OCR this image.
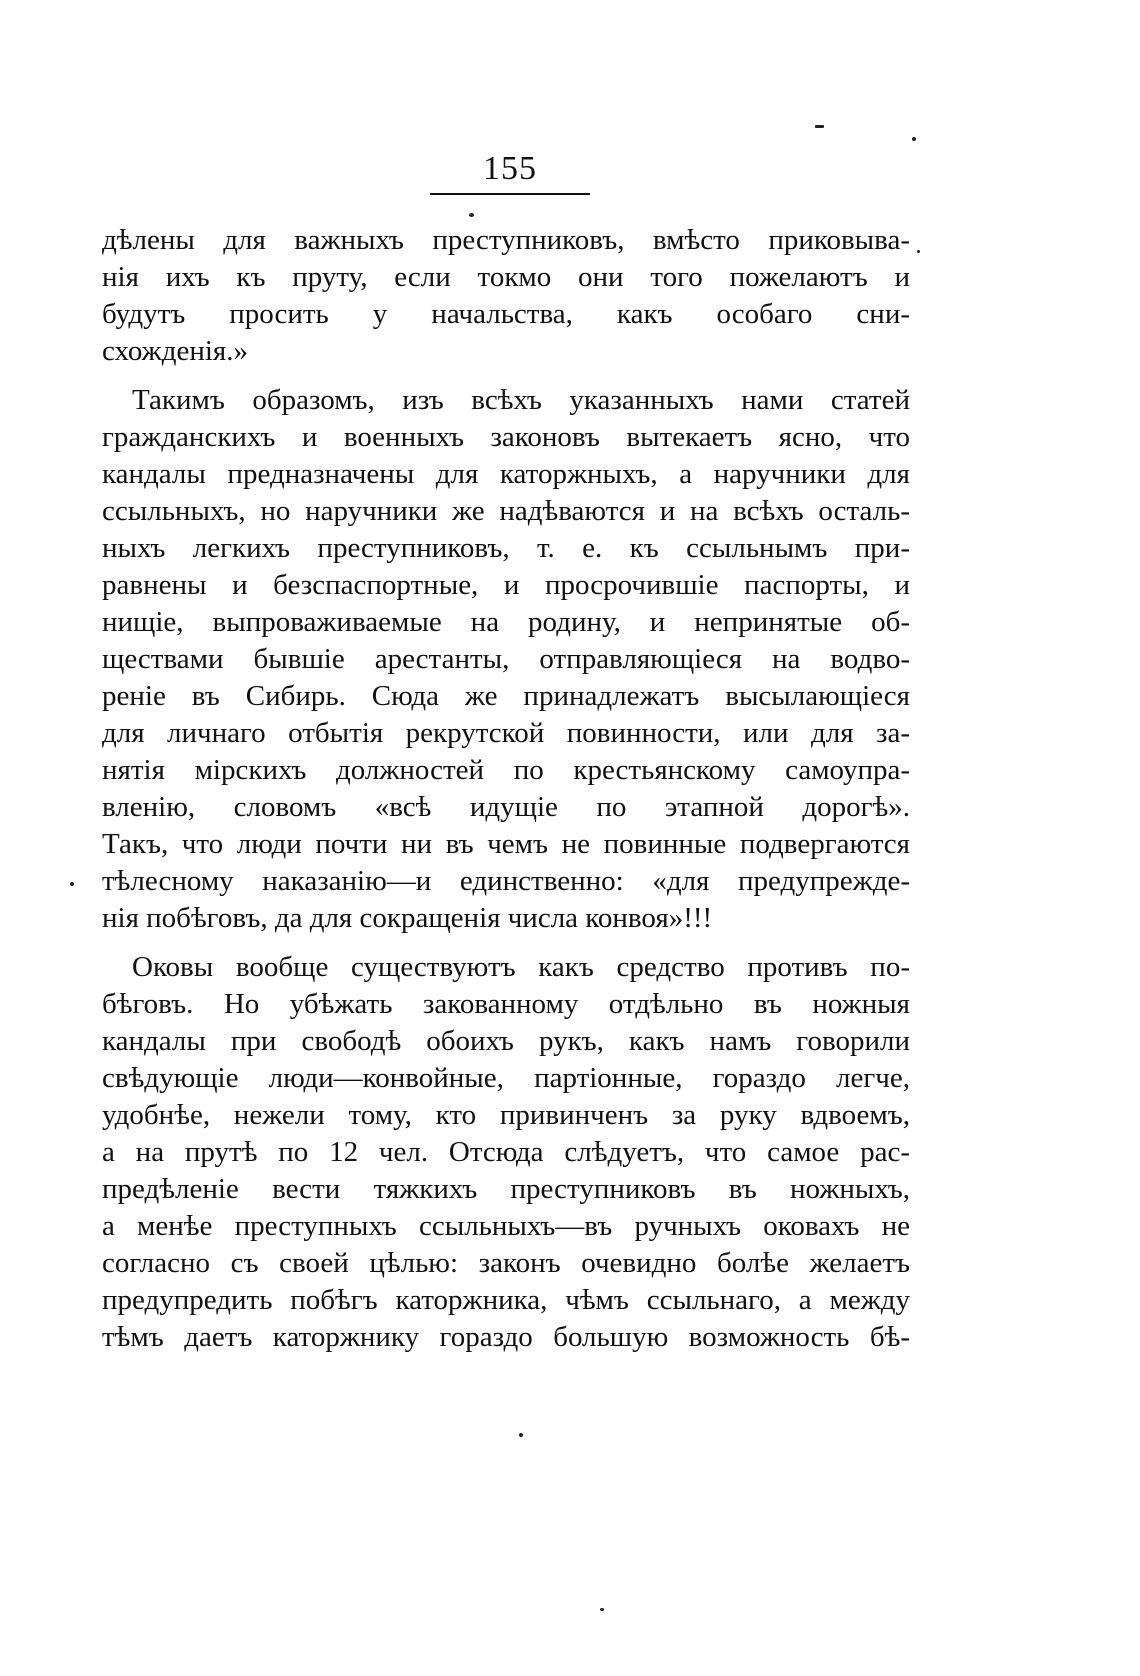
155
дѣлены для важныхъ преступниковъ, вмѣсто приковыва-
нія ихъ къ пруту, если токмо они того пожелаютъ и
будутъ просить у начальства, какъ особаго сни-
схожденія.»
Такимъ образомъ, изъ всѣхъ указанныхъ нами статей
гражданскихъ и военныхъ законовъ вытекаетъ ясно, что
кандалы предназначены для каторжныхъ, а наручники для
ссыльныхъ, но наручники же надѣваются и на всѣхъ осталь-
ныхъ легкихъ преступниковъ, т. е. къ ссыльнымъ при-
равнены и безспаспортные, и просрочившіе паспорты, и
нищіе, выпроваживаемые на родину, и непринятые об-
ществами бывшіе арестанты, отправляющіеся на водво-
реніе въ Сибирь. Сюда же принадлежатъ высылающіеся
для личнаго отбытія рекрутской повинности, или для за-
нятія мірскихъ должностей по крестьянскому самоупра-
вленію, словомъ «всѣ идущіе по этапной дорогѣ».
Такъ, что люди почти ни въ чемъ не повинные подвергаются
тѣлесному наказанію—и единственно: «для предупрежде-
нія побѣговъ, да для сокращенія числа конвоя»!!!
Оковы вообще существуютъ какъ средство противъ по-
бѣговъ. Но убѣжать закованному отдѣльно въ ножныя
кандалы при свободѣ обоихъ рукъ, какъ намъ говорили
свѣдующіе люди—конвойные, партіонные, гораздо легче,
удобнѣе, нежели тому, кто привинченъ за руку вдвоемъ,
а на прутѣ по 12 чел. Отсюда слѣдуетъ, что самое рас-
предѣленіе вести тяжкихъ преступниковъ въ ножныхъ,
а менѣе преступныхъ ссыльныхъ—въ ручныхъ оковахъ не
согласно съ своей цѣлью: законъ очевидно болѣе желаетъ
предупредить побѣгъ каторжника, чѣмъ ссыльнаго, а между
тѣмъ даетъ каторжнику гораздо большую возможность бѣ-
